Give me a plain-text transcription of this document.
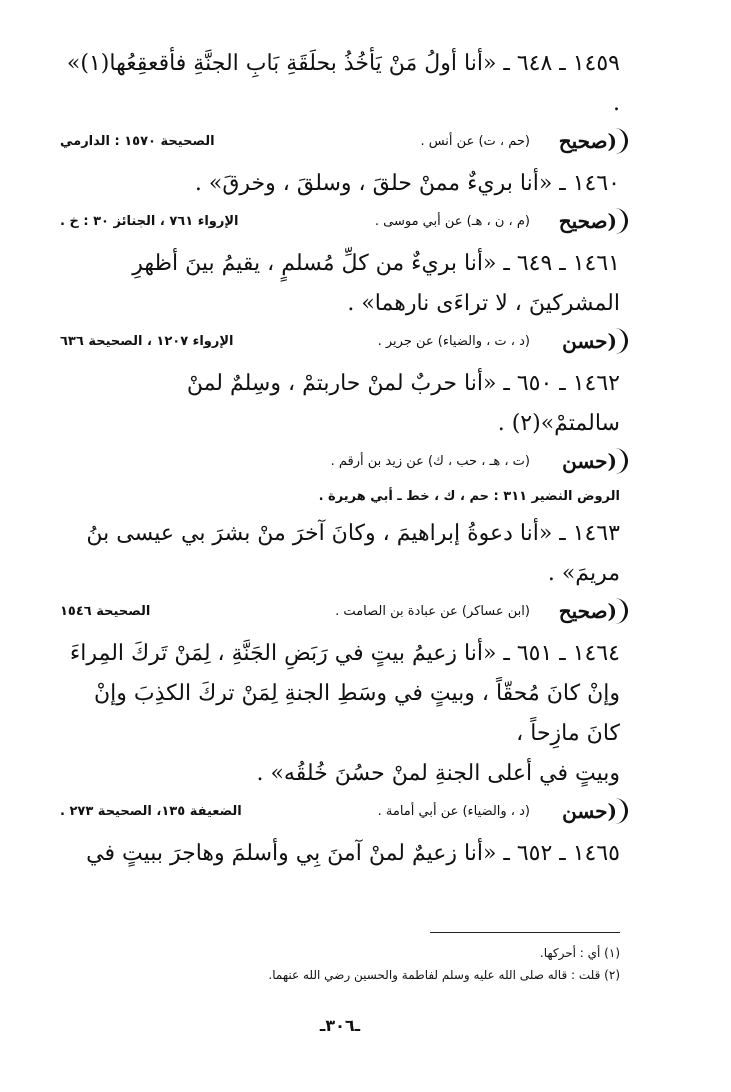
١٤٥٩ ـ ٦٤٨ ـ «أنا أولُ مَنْ يَأخُذُ بحلَقَةِ بَابِ الجنَّةِ فأقعقِعُها(١)» .

(صحيح
(حم ، ت) عن أنس .
الصحيحة ١٥٧٠ : الدارمي

١٤٦٠ ـ «أنا بريءٌ ممنْ حلقَ ، وسلقَ ، وخرقَ» .

(صحيح
(م ، ن ، هـ) عن أبي موسى .
الإرواء ٧٦١ ، الجنائز ٣٠ : خ .

١٤٦١ ـ ٦٤٩ ـ «أنا بريءٌ من كلِّ مُسلمٍ ، يقيمُ بينَ أظهرِ

المشركينَ ، لا تراءَى نارهما» .

(حسن
(د ، ت ، والضياء) عن جرير .
الإرواء ١٢٠٧ ، الصحيحة ٦٣٦

١٤٦٢ ـ ٦٥٠ ـ «أنا حربٌ لمنْ حاربتمْ ، وسِلمٌ لمنْ

سالمتمْ»(٢) .

(حسن
(ت ، هـ ، حب ، ك) عن زيد بن أرقم .
الروض النضير ٣١١ : حم ، ك ، خط ـ أبي هريرة .

١٤٦٣ ـ «أنا دعوةُ إبراهيمَ ، وكانَ آخرَ منْ بشرَ بي عيسى بنُ

مريمَ» .

(صحيح
(ابن عساكر) عن عبادة بن الصامت .
الصحيحة ١٥٤٦

١٤٦٤ ـ ٦٥١ ـ «أنا زعيمُ بيتٍ في رَبَضِ الجَنَّةِ ، لِمَنْ تَركَ المِراءَ

وإنْ كانَ مُحقّاً ، وبيتٍ في وسَطِ الجنةِ لِمَنْ تركَ الكذِبَ وإنْ كانَ مازِحاً ،

وبيتٍ في أعلى الجنةِ لمنْ حسُنَ خُلقُه» .

(حسن
(د ، والضياء) عن أبي أمامة .
الضعيفة ١٣٥، الصحيحة ٢٧٣ .

١٤٦٥ ـ ٦٥٢ ـ «أنا زعيمٌ لمنْ آمنَ بِي وأسلمَ وهاجرَ ببيتٍ في

(١) أي : أحركها.
(٢) قلت : قاله صلى الله عليه وسلم لفاطمة والحسين رضي الله عنهما.
ـ٣٠٦ـ
